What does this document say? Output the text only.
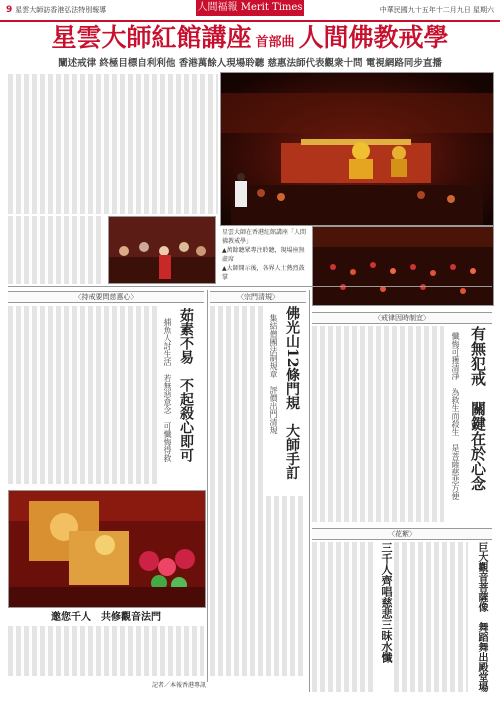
9 星雲大師訪香港弘法特別報導	人間福報 Merit Times	中華民國九十五年十二月九日 星期六
星雲大師紅館講座 首部曲 人間佛教戒學
闡述戒律 終極目標自利利他 香港萬餘人現場聆聽 慈惠法師代表觀衆十問 電視網路同步直播
星雲大師在香港紅館講座「人間佛教戒學」
▲萬餘聽眾專注聆聽，現場座無虛席
▲大師開示後，各界人士熱烈鼓掌
〈持戒要問慈惠心〉	〈宗門清規〉
茹素不易　不起殺心即可
捕魚人討生活　若無惡意念　可懺悔得救	佛光山12條門規　大師手訂
集結僧團法制規章　評價出門清規	〈戒律因時制宜〉
有無犯戒　關鍵在於心念
懺悔可獲清淨　為救生而殺生　是菩薩慈悲方便
〈花絮〉
巨大觀音菩薩像　舞蹈舞出殿堂場
三千人齊唱慈悲三昧水懺
邀您千人　共修觀音法門
記者／本報香港專訊
